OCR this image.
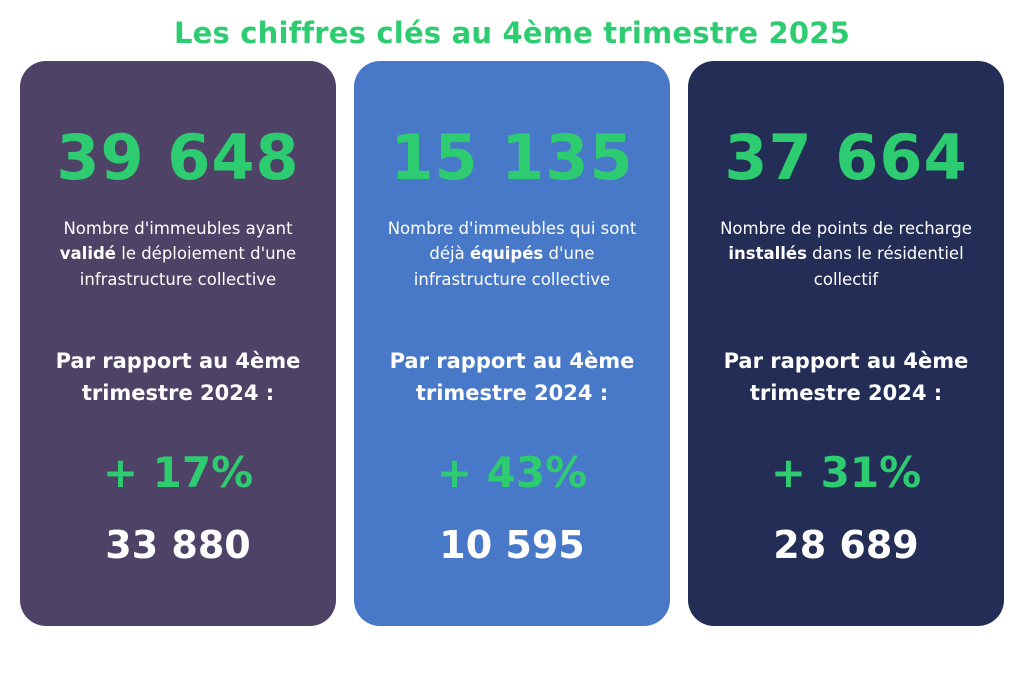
Les chiffres clés au 4ème trimestre 2025
39 648
Nombre d'immeubles ayant validé le déploiement d'une infrastructure collective
Par rapport au 4ème trimestre 2024 :
+ 17%
33 880
15 135
Nombre d'immeubles qui sont déjà équipés d'une infrastructure collective
Par rapport au 4ème trimestre 2024 :
+ 43%
10 595
37 664
Nombre de points de recharge installés dans le résidentiel collectif
Par rapport au 4ème trimestre 2024 :
+ 31%
28 689
